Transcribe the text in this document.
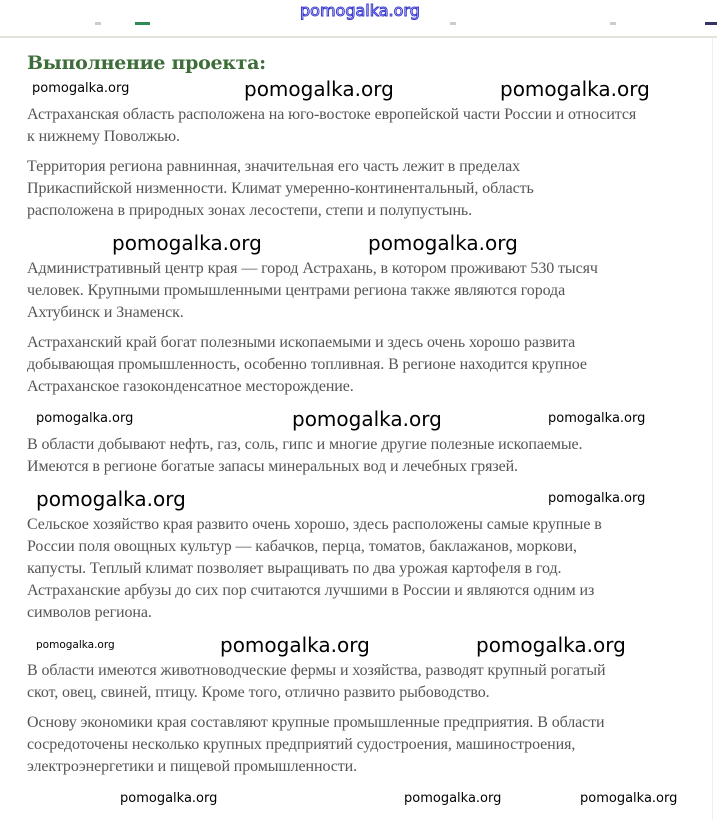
pomogalka.org
Выполнение проекта:
pomogalka.org	pomogalka.org	pomogalka.org
Астраханская область расположена на юго-востоке европейской части России и относится
к нижнему Поволжью.
Территория региона равнинная, значительная его часть лежит в пределах
Прикаспийской низменности. Климат умеренно-континентальный, область
расположена в природных зонах лесостепи, степи и полупустынь.
pomogalka.org	pomogalka.org
Административный центр края — город Астрахань, в котором проживают 530 тысяч
человек. Крупными промышленными центрами региона также являются города
Ахтубинск и Знаменск.
Астраханский край богат полезными ископаемыми и здесь очень хорошо развита
добывающая промышленность, особенно топливная. В регионе находится крупное
Астраханское газоконденсатное месторождение.
pomogalka.org	pomogalka.org	pomogalka.org
В области добывают нефть, газ, соль, гипс и многие другие полезные ископаемые.
Имеются в регионе богатые запасы минеральных вод и лечебных грязей.
pomogalka.org
pomogalka.org
Сельское хозяйство края развито очень хорошо, здесь расположены самые крупные в
России поля овощных культур — кабачков, перца, томатов, баклажанов, моркови,
капусты. Теплый климат позволяет выращивать по два урожая картофеля в год.
Астраханские арбузы до сих пор считаются лучшими в России и являются одним из
символов региона.
pomogalka.org	pomogalka.org	pomogalka.org
В области имеются животноводческие фермы и хозяйства, разводят крупный рогатый
скот, овец, свиней, птицу. Кроме того, отлично развито рыбоводство.
Основу экономики края составляют крупные промышленные предприятия. В области
сосредоточены несколько крупных предприятий судостроения, машиностроения,
электроэнергетики и пищевой промышленности.
pomogalka.org	pomogalka.org	pomogalka.org
